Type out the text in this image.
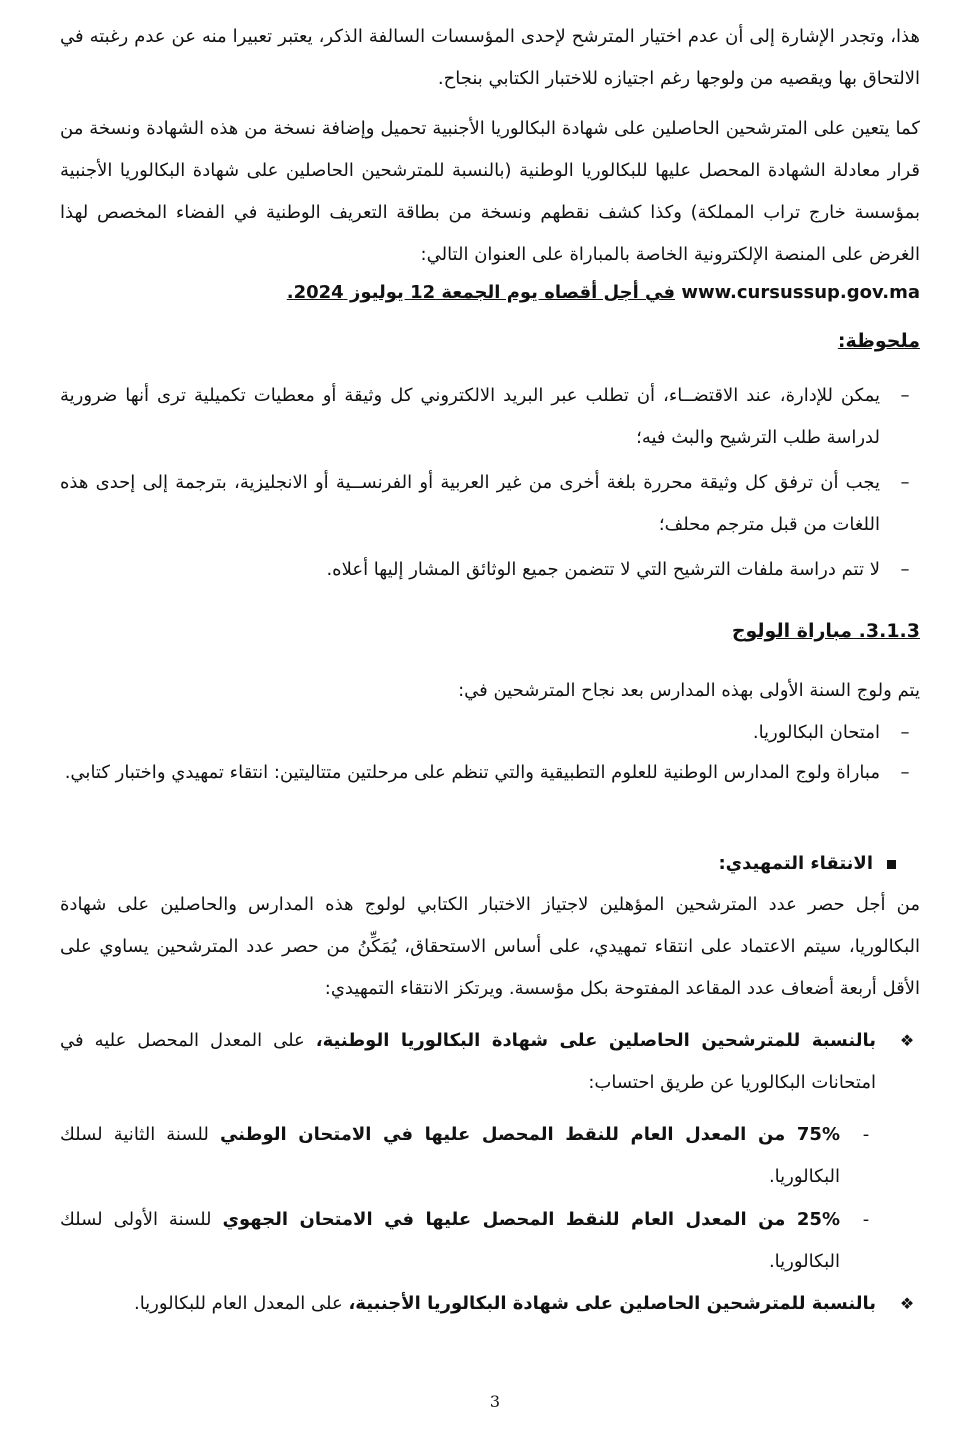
هذا، وتجدر الإشارة إلى أن عدم اختيار المترشح لإحدى المؤسسات السالفة الذكر، يعتبر تعبيرا منه عن عدم رغبته في الالتحاق بها ويقصيه من ولوجها رغم اجتيازه للاختبار الكتابي بنجاح.
كما يتعين على المترشحين الحاصلين على شهادة البكالوريا الأجنبية تحميل وإضافة نسخة من هذه الشهادة ونسخة من قرار معادلة الشهادة المحصل عليها للبكالوريا الوطنية (بالنسبة للمترشحين الحاصلين على شهادة البكالوريا الأجنبية بمؤسسة خارج تراب المملكة) وكذا كشف نقطهم ونسخة من بطاقة التعريف الوطنية في الفضاء المخصص لهذا الغرض على المنصة الإلكترونية الخاصة بالمباراة على العنوان التالي:
www.cursussup.gov.ma في أجل أقصاه يوم الجمعة 12 يوليوز 2024.
ملحوظة:
–
يمكن للإدارة، عند الاقتضــاء، أن تطلب عبر البريد الالكتروني كل وثيقة أو معطيات تكميلية ترى أنها ضرورية لدراسة طلب الترشيح والبث فيه؛
–
يجب أن ترفق كل وثيقة محررة بلغة أخرى من غير العربية أو الفرنســية أو الانجليزية، بترجمة إلى إحدى هذه اللغات من قبل مترجم محلف؛
–
لا تتم دراسة ملفات الترشيح التي لا تتضمن جميع الوثائق المشار إليها أعلاه.
3.1.3. مباراة الولوج
يتم ولوج السنة الأولى بهذه المدارس بعد نجاح المترشحين في:
–
امتحان البكالوريا.
–
مباراة ولوج المدارس الوطنية للعلوم التطبيقية والتي تنظم على مرحلتين متتاليتين: انتقاء تمهيدي واختبار كتابي.
الانتقاء التمهيدي:
من أجل حصر عدد المترشحين المؤهلين لاجتياز الاختبار الكتابي لولوج هذه المدارس والحاصلين على شهادة البكالوريا، سيتم الاعتماد على انتقاء تمهيدي، على أساس الاستحقاق، يُمَكِّنُ من حصر عدد المترشحين يساوي على الأقل أربعة أضعاف عدد المقاعد المفتوحة بكل مؤسسة. ويرتكز الانتقاء التمهيدي:
❖
بالنسبة للمترشحين الحاصلين على شهادة البكالوريا الوطنية، على المعدل المحصل عليه في امتحانات البكالوريا عن طريق احتساب:
-
75% من المعدل العام للنقط المحصل عليها في الامتحان الوطني للسنة الثانية لسلك البكالوريا.
-
25% من المعدل العام للنقط المحصل عليها في الامتحان الجهوي للسنة الأولى لسلك البكالوريا.
❖
بالنسبة للمترشحين الحاصلين على شهادة البكالوريا الأجنبية، على المعدل العام للبكالوريا.
3
